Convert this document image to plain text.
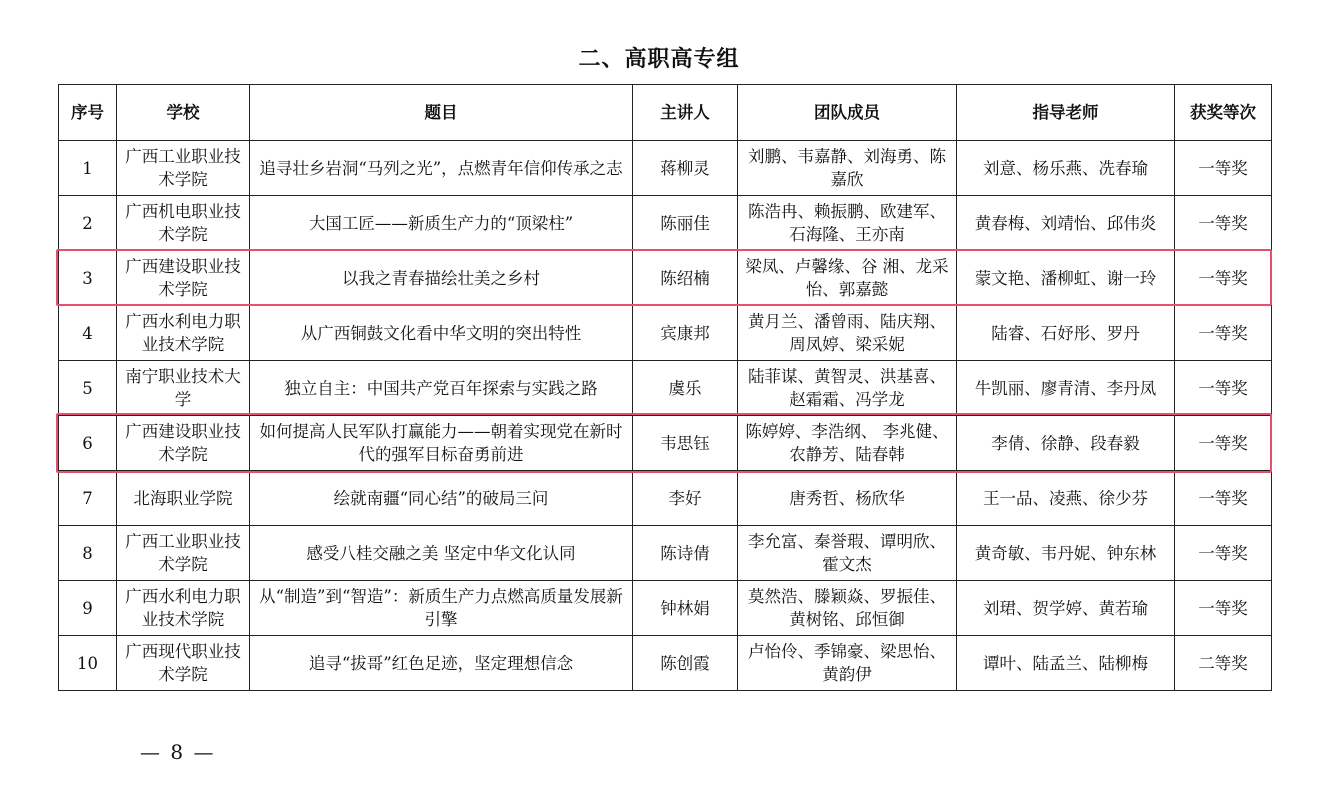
二、高职高专组
序号	学校	题目	主讲人	团队成员	指导老师	获奖等次
1	广西工业职业技术学院	追寻壮乡岩洞“马列之光”，点燃青年信仰传承之志	蒋柳灵	刘鹏、韦嘉静、刘海勇、陈嘉欣	刘意、杨乐燕、冼春瑜	一等奖
2	广西机电职业技术学院	大国工匠——新质生产力的“顶梁柱”	陈丽佳	陈浩冉、赖振鹏、欧建军、石海隆、王亦南	黄春梅、刘靖怡、邱伟炎	一等奖
3	广西建设职业技术学院	以我之青春描绘壮美之乡村	陈绍楠	梁凤、卢馨缘、谷 湘、龙采怡、郭嘉懿	蒙文艳、潘柳虹、谢一玲	一等奖
4	广西水利电力职业技术学院	从广西铜鼓文化看中华文明的突出特性	宾康邦	黄月兰、潘曾雨、陆庆翔、周凤婷、梁采妮	陆睿、石妤彤、罗丹	一等奖
5	南宁职业技术大学	独立自主：中国共产党百年探索与实践之路	虞乐	陆菲谋、黄智灵、洪基喜、赵霜霜、冯学龙	牛凯丽、廖青清、李丹凤	一等奖
6	广西建设职业技术学院	如何提高人民军队打赢能力——朝着实现党在新时代的强军目标奋勇前进	韦思钰	陈婷婷、李浩纲、 李兆健、农静芳、陆春韩	李倩、徐静、段春毅	一等奖
7	北海职业学院	绘就南疆“同心结”的破局三问	李好	唐秀哲、杨欣华	王一品、凌燕、徐少芬	一等奖
8	广西工业职业技术学院	感受八桂交融之美 坚定中华文化认同	陈诗倩	李允富、秦誉瑕、谭明欣、霍文杰	黄奇敏、韦丹妮、钟东林	一等奖
9	广西水利电力职业技术学院	从“制造”到“智造”：新质生产力点燃高质量发展新引擎	钟林娟	莫然浩、滕颖焱、罗振佳、黄树铭、邱恒御	刘珺、贺学婷、黄若瑜	一等奖
10	广西现代职业技术学院	追寻“拔哥”红色足迹，坚定理想信念	陈创霞	卢怡伶、季锦豪、梁思怡、黄韵伊	谭叶、陆孟兰、陆柳梅	二等奖
— 8 —
